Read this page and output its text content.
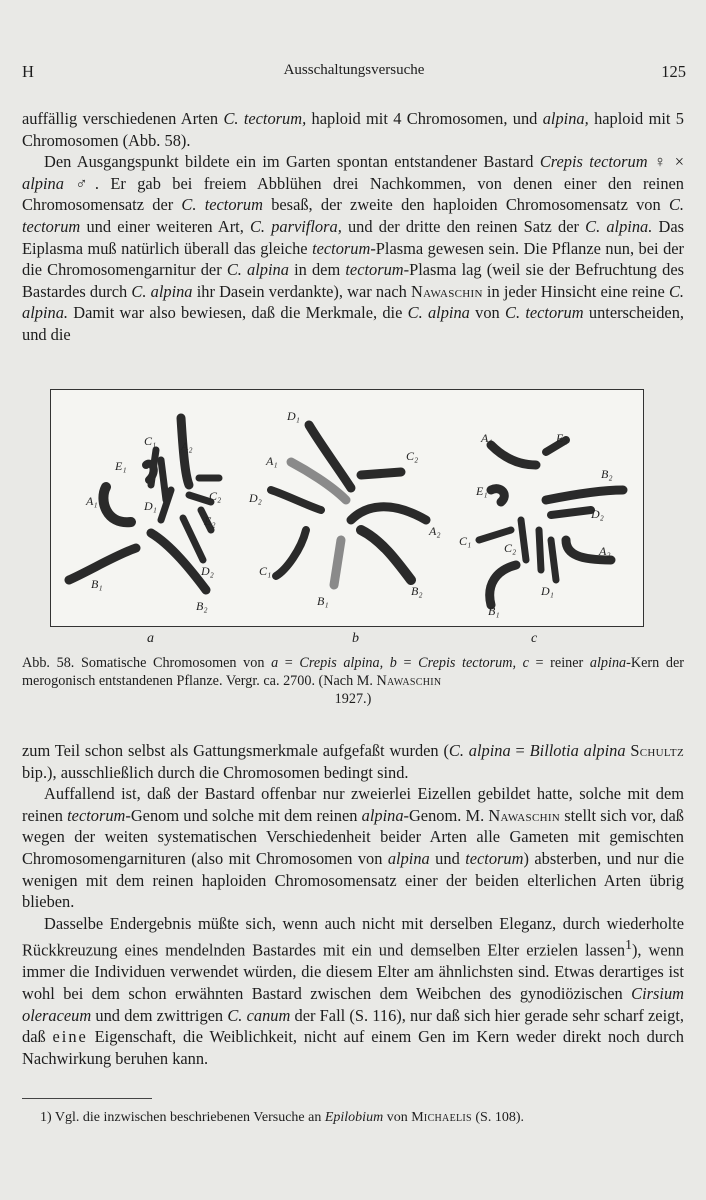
H	Ausschaltungsversuche	125

auffällig verschiedenen Arten C. tectorum, haploid mit 4 Chromosomen, und alpina, haploid mit 5 Chromosomen (Abb. 58).

Den Ausgangspunkt bildete ein im Garten spontan entstandener Bastard Crepis tectorum ♀ × alpina ♂. Er gab bei freiem Abblühen drei Nachkommen, von denen einer den reinen Chromosomensatz der C. tectorum besaß, der zweite den haploiden Chromosomensatz von C. tectorum und einer weiteren Art, C. parviflora, und der dritte den reinen Satz der C. alpina. Das Eiplasma muß natürlich überall das gleiche tectorum-Plasma gewesen sein. Die Pflanze nun, bei der die Chromosomengarnitur der C. alpina in dem tectorum-Plasma lag (weil sie der Befruchtung des Bastardes durch C. alpina ihr Dasein verdankte), war nach Nawaschin in jeder Hinsicht eine reine C. alpina. Damit war also bewiesen, daß die Merkmale, die C. alpina von C. tectorum unterscheiden, und die

A₂
C₂
E₂
A₁
E₁
C₁
D₁
D₂
B₁
B₂
D₁
A₁	C₂
D₂
A₂
C₁
B₁
B₂
A₁	E₂
B₂
E₁
D₂
C₁	C₂	A₂
D₁
B₁
a	b	c
Abb. 58. Somatische Chromosomen von a = Crepis alpina, b = Crepis tectorum, c = reiner alpina-Kern der merogonisch entstandenen Pflanze. Vergr. ca. 2700. (Nach M. Nawaschin
1927.)

zum Teil schon selbst als Gattungsmerkmale aufgefaßt wurden (C. alpina = Billotia alpina Schultz bip.), ausschließlich durch die Chromosomen bedingt sind.

Auffallend ist, daß der Bastard offenbar nur zweierlei Eizellen gebildet hatte, solche mit dem reinen tectorum-Genom und solche mit dem reinen alpina-Genom. M. Nawaschin stellt sich vor, daß wegen der weiten systematischen Verschiedenheit beider Arten alle Gameten mit gemischten Chromosomengarnituren (also mit Chromosomen von alpina und tectorum) absterben, und nur die wenigen mit dem reinen haploiden Chromosomensatz einer der beiden elterlichen Arten übrig blieben.

Dasselbe Endergebnis müßte sich, wenn auch nicht mit derselben Eleganz, durch wiederholte Rückkreuzung eines mendelnden Bastardes mit ein und demselben Elter erzielen lassen$^1$), wenn immer die Individuen verwendet würden, die diesem Elter am ähnlichsten sind. Etwas derartiges ist wohl bei dem schon erwähnten Bastard zwischen dem Weibchen des gynodiözischen Cirsium oleraceum und dem zwittrigen C. canum der Fall (S. 116), nur daß sich hier gerade sehr scharf zeigt, daß eine Eigenschaft, die Weiblichkeit, nicht auf einem Gen im Kern weder direkt noch durch Nachwirkung beruhen kann.

1) Vgl. die inzwischen beschriebenen Versuche an Epilobium von Michaelis (S. 108).
